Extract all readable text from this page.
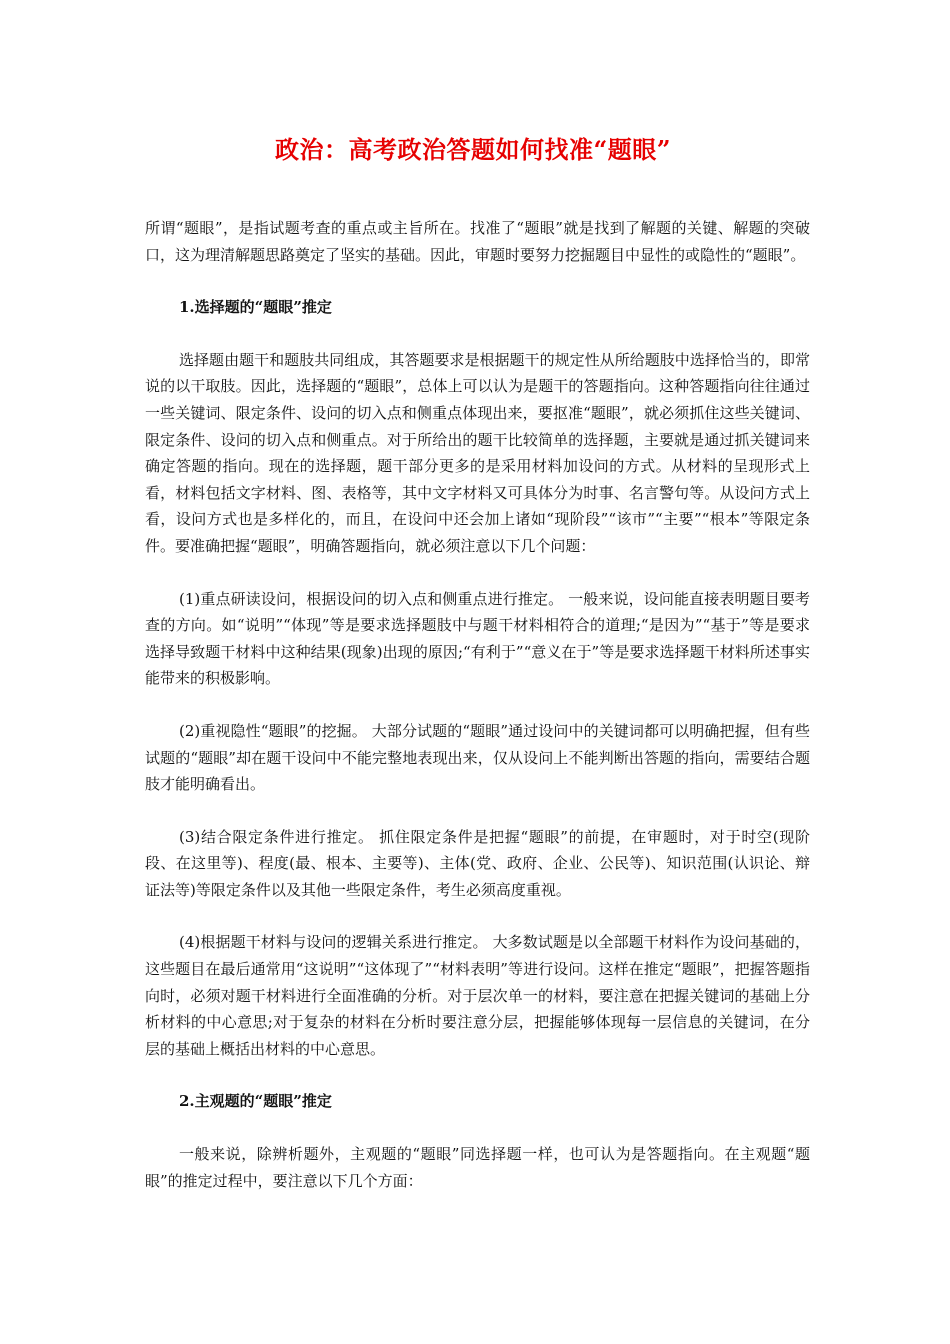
政治：高考政治答题如何找准“题眼”

所谓“题眼”，是指试题考查的重点或主旨所在。找准了“题眼”就是找到了解题的关键、解题的突破口，这为理清解题思路奠定了坚实的基础。因此，审题时要努力挖掘题目中显性的或隐性的“题眼”。

1.选择题的“题眼”推定

选择题由题干和题肢共同组成，其答题要求是根据题干的规定性从所给题肢中选择恰当的，即常说的以干取肢。因此，选择题的“题眼”，总体上可以认为是题干的答题指向。这种答题指向往往通过一些关键词、限定条件、设问的切入点和侧重点体现出来，要抠准“题眼”，就必须抓住这些关键词、限定条件、设问的切入点和侧重点。对于所给出的题干比较简单的选择题，主要就是通过抓关键词来确定答题的指向。现在的选择题，题干部分更多的是采用材料加设问的方式。从材料的呈现形式上看，材料包括文字材料、图、表格等，其中文字材料又可具体分为时事、名言警句等。从设问方式上看，设问方式也是多样化的，而且，在设问中还会加上诸如“现阶段”“该市”“主要”“根本”等限定条件。要准确把握“题眼”，明确答题指向，就必须注意以下几个问题：

(1)重点研读设问，根据设问的切入点和侧重点进行推定。 一般来说，设问能直接表明题目要考查的方向。如“说明”“体现”等是要求选择题肢中与题干材料相符合的道理;“是因为”“基于”等是要求选择导致题干材料中这种结果(现象)出现的原因;“有利于”“意义在于”等是要求选择题干材料所述事实能带来的积极影响。

(2)重视隐性“题眼”的挖掘。 大部分试题的“题眼”通过设问中的关键词都可以明确把握，但有些试题的“题眼”却在题干设问中不能完整地表现出来，仅从设问上不能判断出答题的指向，需要结合题肢才能明确看出。

(3)结合限定条件进行推定。 抓住限定条件是把握“题眼”的前提，在审题时，对于时空(现阶段、在这里等)、程度(最、根本、主要等)、主体(党、政府、企业、公民等)、知识范围(认识论、辩证法等)等限定条件以及其他一些限定条件，考生必须高度重视。

(4)根据题干材料与设问的逻辑关系进行推定。 大多数试题是以全部题干材料作为设问基础的，这些题目在最后通常用“这说明”“这体现了”“材料表明”等进行设问。这样在推定“题眼”，把握答题指向时，必须对题干材料进行全面准确的分析。对于层次单一的材料，要注意在把握关键词的基础上分析材料的中心意思;对于复杂的材料在分析时要注意分层，把握能够体现每一层信息的关键词，在分层的基础上概括出材料的中心意思。

2.主观题的“题眼”推定

一般来说，除辨析题外，主观题的“题眼”同选择题一样，也可认为是答题指向。在主观题“题眼”的推定过程中，要注意以下几个方面：
